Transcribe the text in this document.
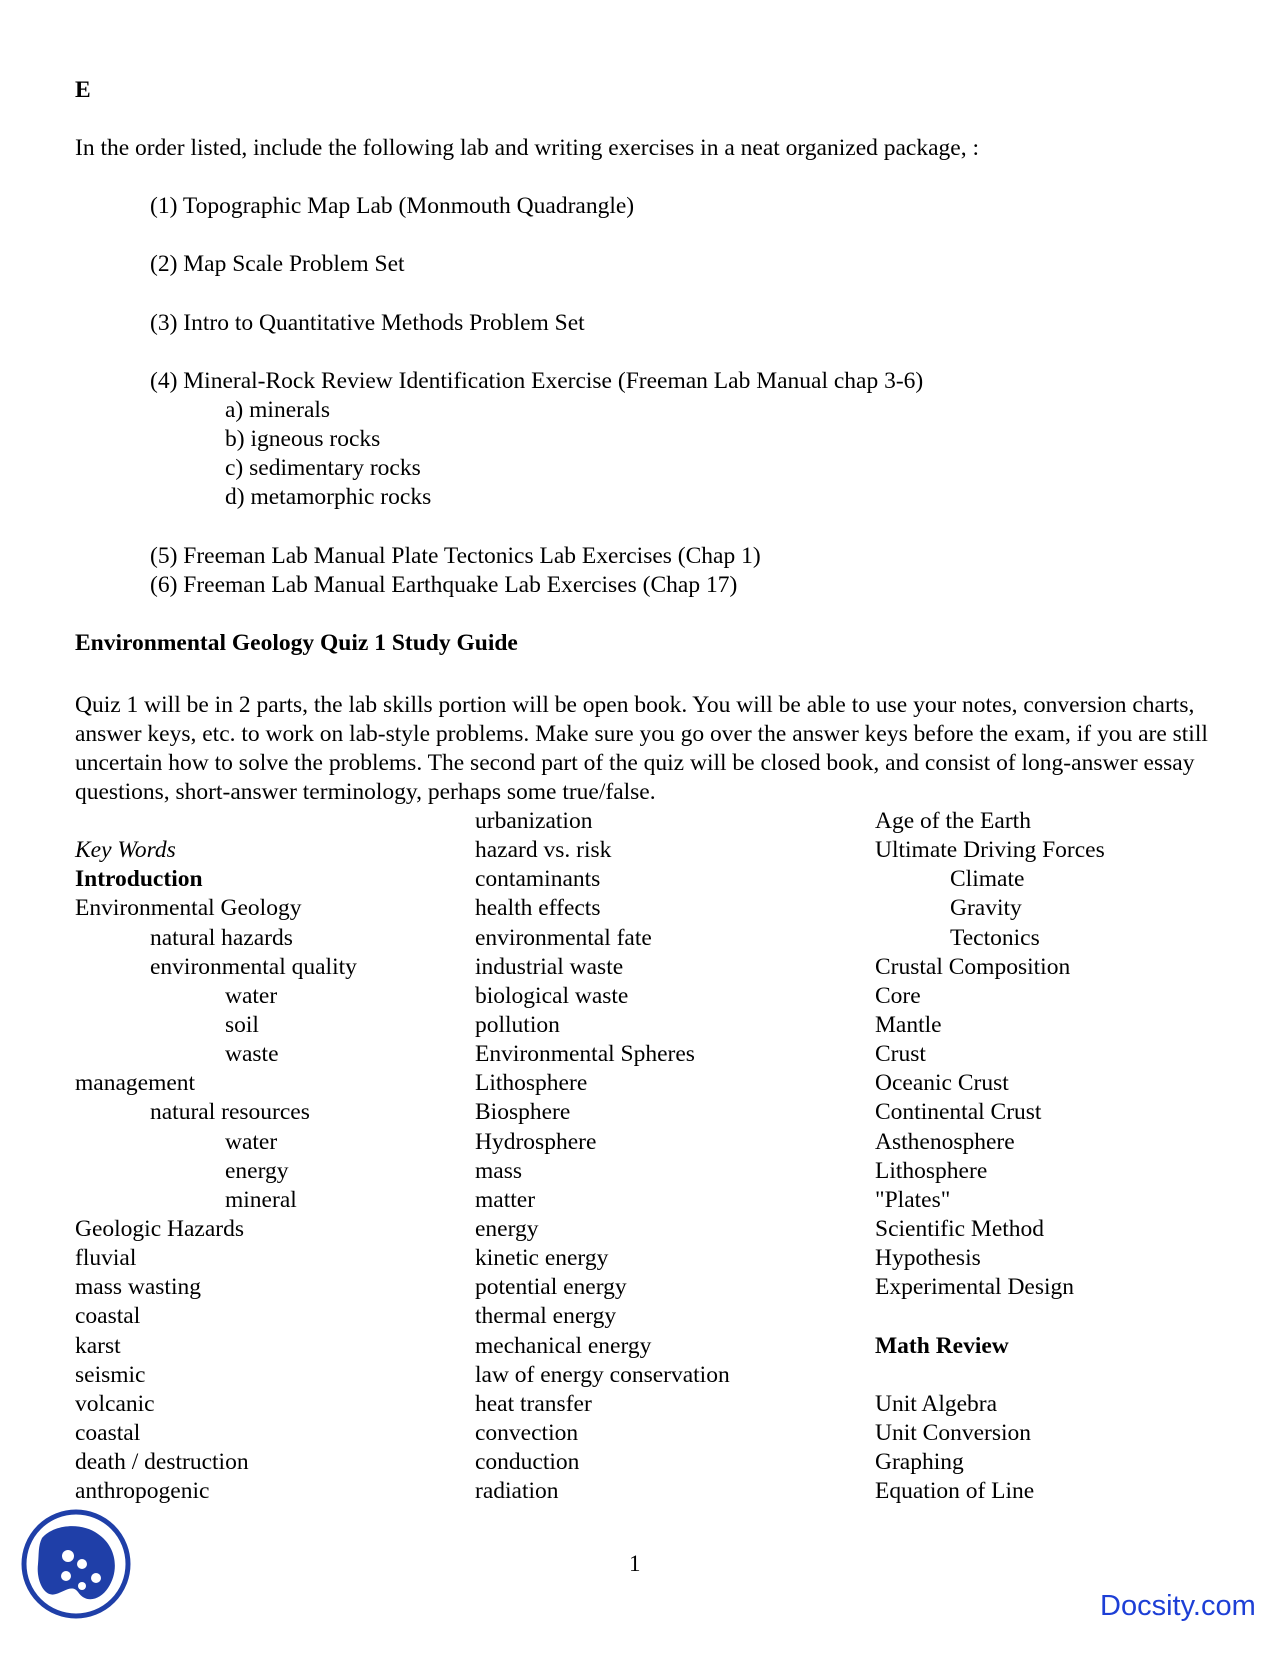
E
In the order listed, include the following lab and writing exercises in a neat organized package, :
(1) Topographic Map Lab (Monmouth Quadrangle)
(2) Map Scale Problem Set
(3) Intro to Quantitative Methods Problem Set
(4) Mineral-Rock Review Identification Exercise (Freeman Lab Manual chap 3-6)
a) minerals
b) igneous rocks
c) sedimentary rocks
d) metamorphic rocks
(5) Freeman Lab Manual Plate Tectonics Lab Exercises (Chap 1)
(6) Freeman Lab Manual Earthquake Lab Exercises (Chap 17)
Environmental Geology Quiz 1 Study Guide
Quiz 1 will be in 2 parts, the lab skills portion will be open book. You will be able to use your notes, conversion charts, answer keys, etc. to work on lab-style problems. Make sure you go over the answer keys before the exam, if you are still uncertain how to solve the problems. The second part of the quiz will be closed book, and consist of long-answer essay questions, short-answer terminology, perhaps some true/false.
Key Words
Introduction
Environmental Geology
natural hazards
environmental quality
water
soil
waste
management
natural resources
water
energy
mineral
Geologic Hazards
fluvial
mass wasting
coastal
karst
seismic
volcanic
coastal
death / destruction
anthropogenic
urbanization
hazard vs. risk
contaminants
health effects
environmental fate
industrial waste
biological waste
pollution
Environmental Spheres
Lithosphere
Biosphere
Hydrosphere
mass
matter
energy
kinetic energy
potential energy
thermal energy
mechanical energy
law of energy conservation
heat transfer
convection
conduction
radiation
Age of the Earth
Ultimate Driving Forces
Climate
Gravity
Tectonics
Crustal Composition
Core
Mantle
Crust
Oceanic Crust
Continental Crust
Asthenosphere
Lithosphere
"Plates"
Scientific Method
Hypothesis
Experimental Design
Math Review
Unit Algebra
Unit Conversion
Graphing
Equation of Line
1
Docsity.com
